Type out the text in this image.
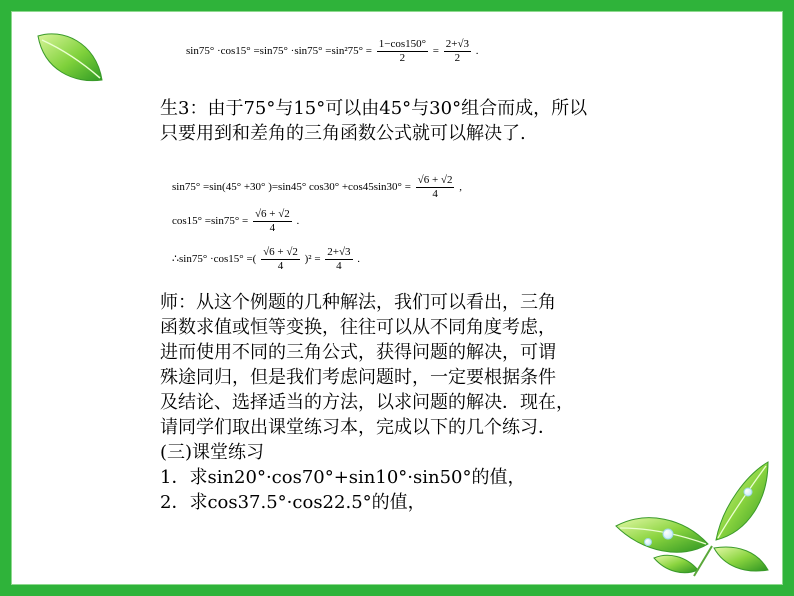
$\sin 75^\circ \cdot\cos 15^\circ =\sin 75^\circ \cdot\sin 75^\circ =\sin^275^\circ = \frac{1-\cos 150^\circ}{2} = \frac{2+√3}{2}$ .
生3：由于75°与15°可以由45°与30°组合而成，所以
只要用到和差角的三角函数公式就可以解决了.
sin75° =sin(45° +30° )=sin45° $\cos 30^\circ +\cos 45\sin 30^\circ = \frac{√6 + √2}{4}$ ,
$\cos 15^\circ =\sin 75^\circ = \frac{√6 + √2}{4}$ .
∴sin75° ·cos15° =( $\frac{√6 + √2}{4} )^2 = \frac{2+√3}{4}$ .
师：从这个例题的几种解法，我们可以看出，三角
函数求值或恒等变换，往往可以从不同角度考虑，
进而使用不同的三角公式，获得问题的解决，可谓
殊途同归，但是我们考虑问题时，一定要根据条件
及结论、选择适当的方法，以求问题的解决．现在，
请同学们取出课堂练习本，完成以下的几个练习．
(三)课堂练习
1．求sin20°·cos70°+sin10°·sin50°的值，
2．求cos37.5°·cos22.5°的值，
